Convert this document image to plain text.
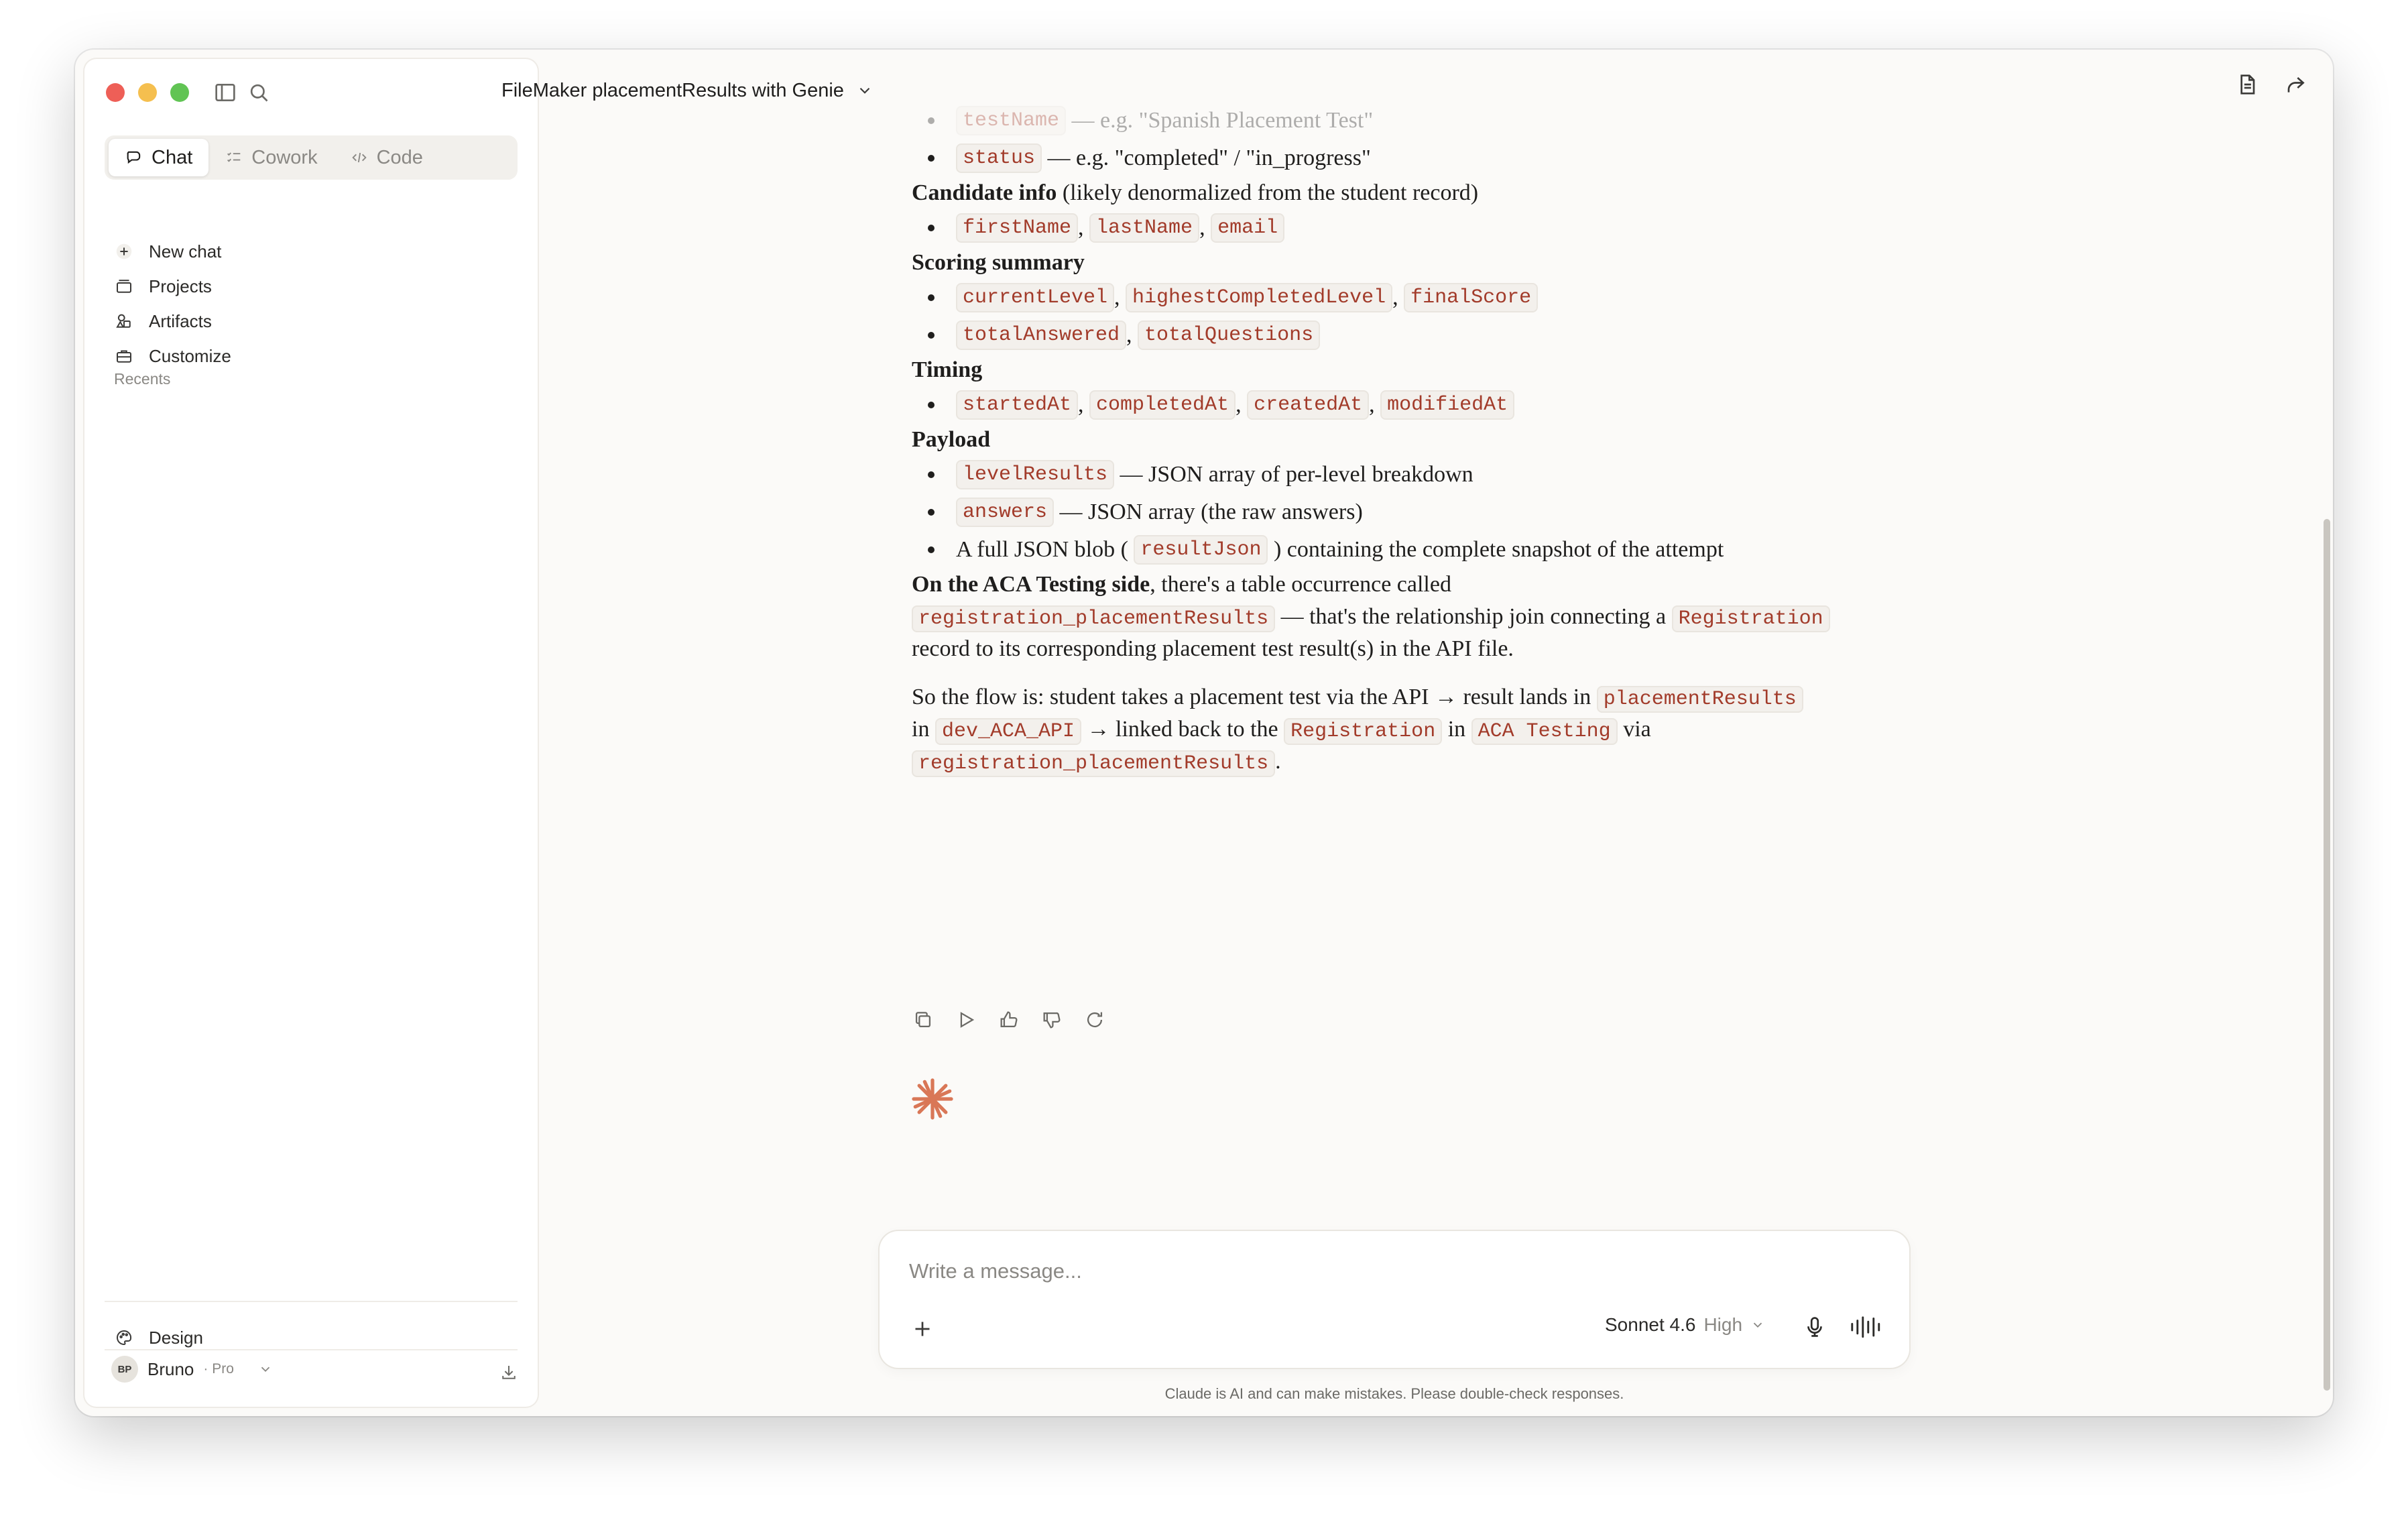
Chat	Cowork	Code
New chat
Projects
Artifacts
Customize
Recents
Design
BP Bruno · Pro
FileMaker placementResults with Genie
testName
— e.g. "Spanish Placement Test"
status
— e.g. "completed" / "in_progress"

Candidate info (likely denormalized from the student record)

firstName , lastName , email

Scoring summary

currentLevel , highestCompletedLevel , finalScore
totalAnswered , totalQuestions

Timing

startedAt , completedAt , createdAt , modifiedAt

Payload

levelResults
— JSON array of per-level breakdown
answers
— JSON array (the raw answers)
A full JSON blob (
resultJson
) containing the complete snapshot of the attempt

On the ACA Testing side, there's a table occurrence called
registration_placementResults — that's the relationship join connecting a Registration
record to its corresponding placement test result(s) in the API file.

So the flow is: student takes a placement test via the API → result lands in placementResults
in dev_ACA_API → linked back to the Registration in ACA Testing via
registration_placementResults .

Write a message...
Sonnet 4.6 High
Claude is AI and can make mistakes. Please double-check responses.
